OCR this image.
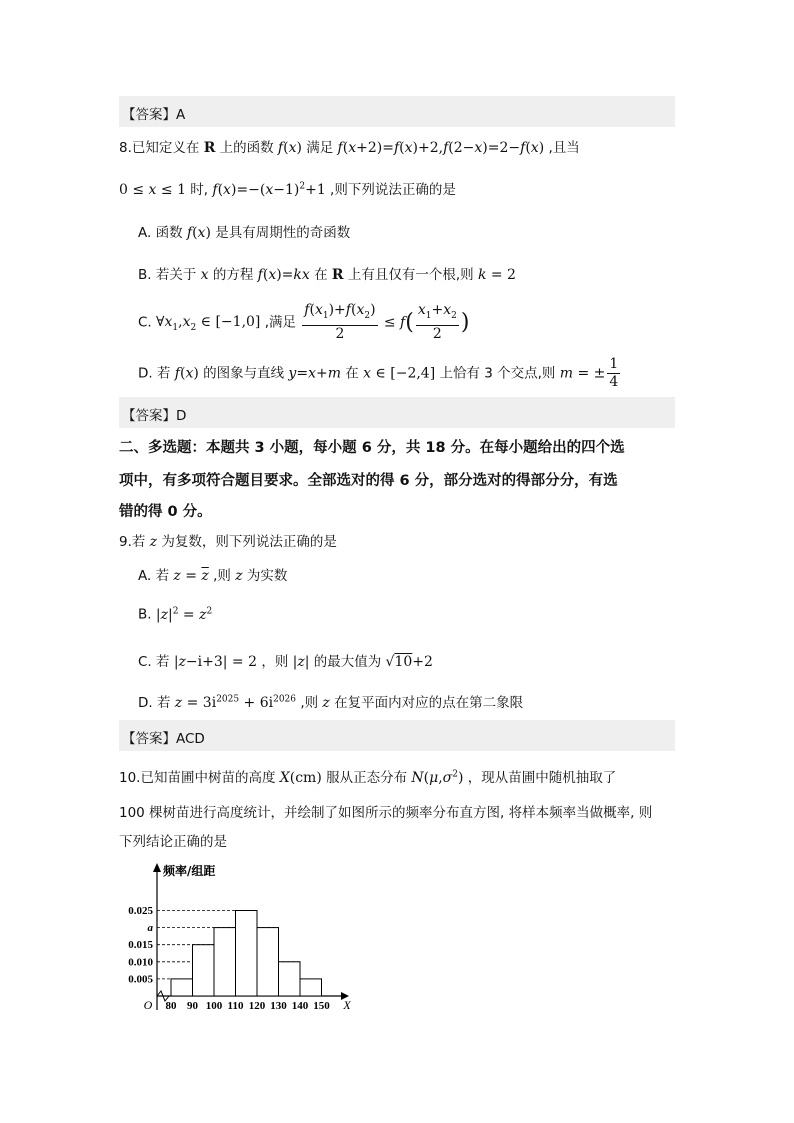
【答案】A
8.已知定义在 R 上的函数 f(x) 满足 f(x+2)=f(x)+2,f(2−x)=2−f(x) ,且当
0 ≤ x ≤ 1 时, $f(x)=-(x-1)^2+1$ ,则下列说法正确的是
A. 函数 f(x) 是具有周期性的奇函数
B. 若关于 x 的方程 f(x)=kx 在 R 上有且仅有一个根,则 k = 2
C. $\forall x_1,x_2$ ∈ [−1,0] ,满足 $\frac{f(x_1)+f(x_2)}{2} \le f( \frac{x_1+x_2}{2}$ )
D. 若 f(x) 的图象与直线 y=x+m 在 x ∈ [−2,4] 上恰有 3 个交点,则 m = ± $\frac{1}{4}$
【答案】D
二、多选题：本题共 3 小题，每小题 6 分，共 18 分。在每小题给出的四个选
项中，有多项符合题目要求。全部选对的得 6 分，部分选对的得部分分，有选
错的得 0 分。
9.若 z 为复数，则下列说法正确的是
A. 若 $z = \overline{z}$ ,则 z 为实数
B. $|z|^2 = z^2$
C. 若 |z−i+3| = 2 ，则 |z| 的最大值为 √10+2
D. 若 $z = 3i^{2025} + 6i^{2026}$ ,则 z 在复平面内对应的点在第二象限
【答案】ACD
10.已知苗圃中树苗的高度 X(cm) 服从正态分布 $N(\mu,\sigma^2)$ ，现从苗圃中随机抽取了
100 棵树苗进行高度统计，并绘制了如图所示的频率分布直方图, 将样本频率当做概率, 则
下列结论正确的是
0.005
0.010
0.015
a
0.025
80 90 100 110 120 130 140 150
O	X
频率/组距
